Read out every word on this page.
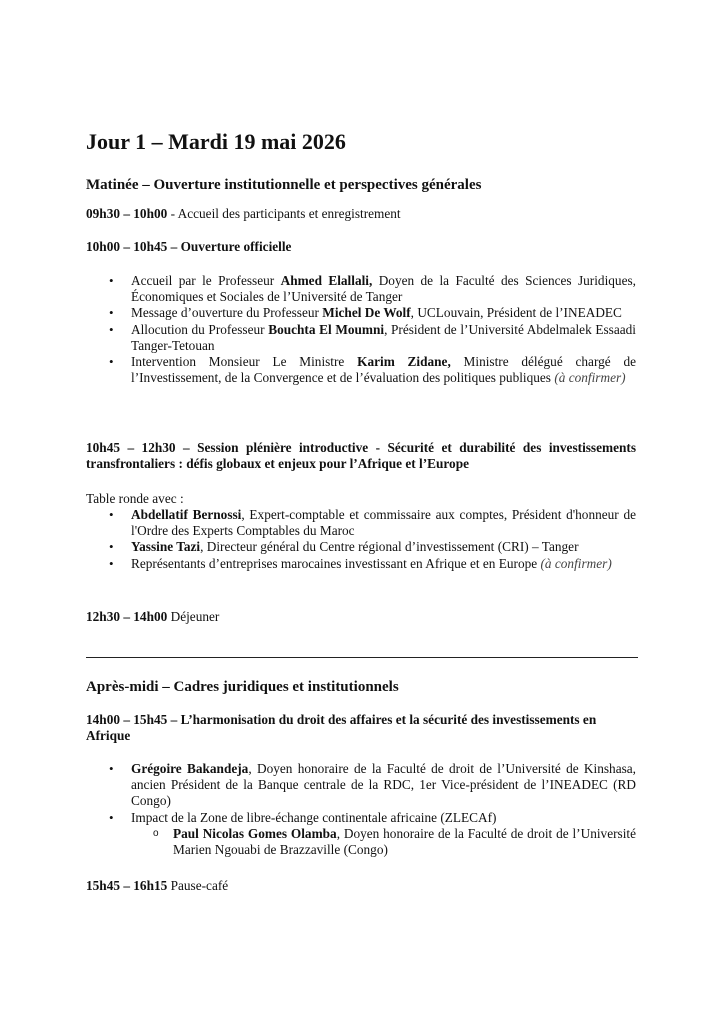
Jour 1 – Mardi 19 mai 2026
Matinée – Ouverture institutionnelle et perspectives générales
09h30 – 10h00 - Accueil des participants et enregistrement
10h00 – 10h45 – Ouverture officielle
• Accueil par le Professeur Ahmed Elallali, Doyen de la Faculté des Sciences Juridiques, Économiques et Sociales de l’Université de Tanger
• Message d’ouverture du Professeur Michel De Wolf, UCLouvain, Président de l’INEADEC
• Allocution du Professeur Bouchta El Moumni, Président de l’Université Abdelmalek Essaadi Tanger-Tetouan
• Intervention Monsieur Le Ministre Karim Zidane, Ministre délégué chargé de l’Investissement, de la Convergence et de l’évaluation des politiques publiques (à confirmer)
10h45 – 12h30 – Session plénière introductive - Sécurité et durabilité des investissements transfrontaliers : défis globaux et enjeux pour l’Afrique et l’Europe
Table ronde avec :
• Abdellatif Bernossi, Expert-comptable et commissaire aux comptes, Président d'honneur de l'Ordre des Experts Comptables du Maroc
• Yassine Tazi, Directeur général du Centre régional d’investissement (CRI) – Tanger
• Représentants d’entreprises marocaines investissant en Afrique et en Europe (à confirmer)
12h30 – 14h00 Déjeuner
Après-midi – Cadres juridiques et institutionnels
14h00 – 15h45 – L’harmonisation du droit des affaires et la sécurité des investissements en Afrique
• Grégoire Bakandeja, Doyen honoraire de la Faculté de droit de l’Université de Kinshasa, ancien Président de la Banque centrale de la RDC, 1er Vice-président de l’INEADEC (RD Congo)
• Impact de la Zone de libre-échange continentale africaine (ZLECAf)
o Paul Nicolas Gomes Olamba, Doyen honoraire de la Faculté de droit de l’Université Marien Ngouabi de Brazzaville (Congo)
15h45 – 16h15 Pause-café
